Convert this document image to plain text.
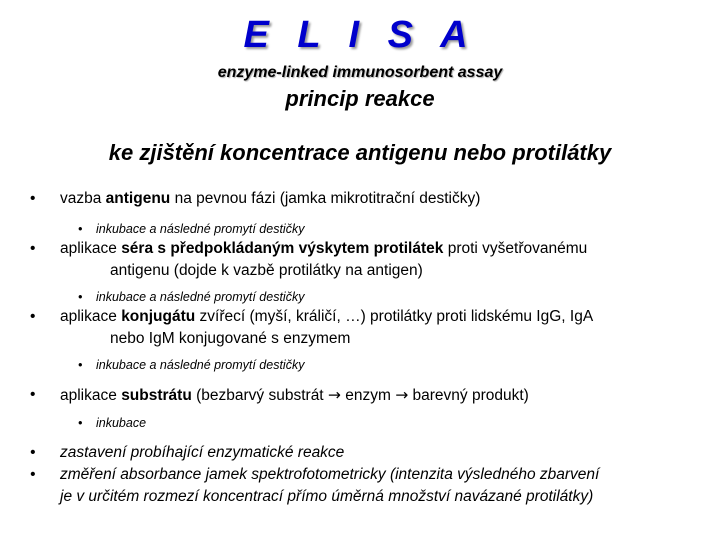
E L I S A
enzyme-linked immunosorbent assay
princip reakce
ke zjištění koncentrace antigenu nebo protilátky
•	vazba antigenu na pevnou fázi (jamka mikrotitrační destičky)
•	inkubace a následné promytí destičky
•	aplikace séra s předpokládaným výskytem protilátek proti vyšetřovanému
antigenu (dojde k vazbě protilátky na antigen)
•	inkubace a následné promytí destičky
•	aplikace konjugátu zvířecí (myší, králičí, …) protilátky proti lidskému IgG, IgA
nebo IgM konjugované s enzymem
•	inkubace a následné promytí destičky
•	aplikace substrátu (bezbarvý substrát → enzym → barevný produkt)
•	inkubace
•	zastavení probíhající enzymatické reakce
•	změření absorbance jamek spektrofotometricky (intenzita výsledného zbarvení
je v určitém rozmezí koncentrací přímo úměrná množství navázané protilátky)
